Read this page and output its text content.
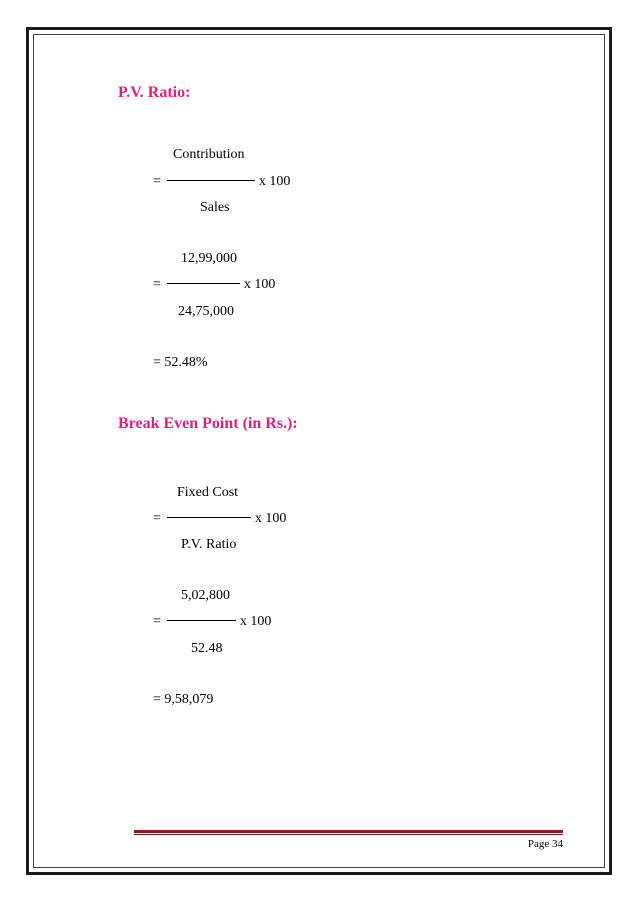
P.V. Ratio:
Contribution
=	x 100
Sales
12,99,000
=	x 100
24,75,000
= 52.48%
Break Even Point (in Rs.):
Fixed Cost
=	x 100
P.V. Ratio
5,02,800
=	x 100
52.48
= 9,58,079
Page 34
